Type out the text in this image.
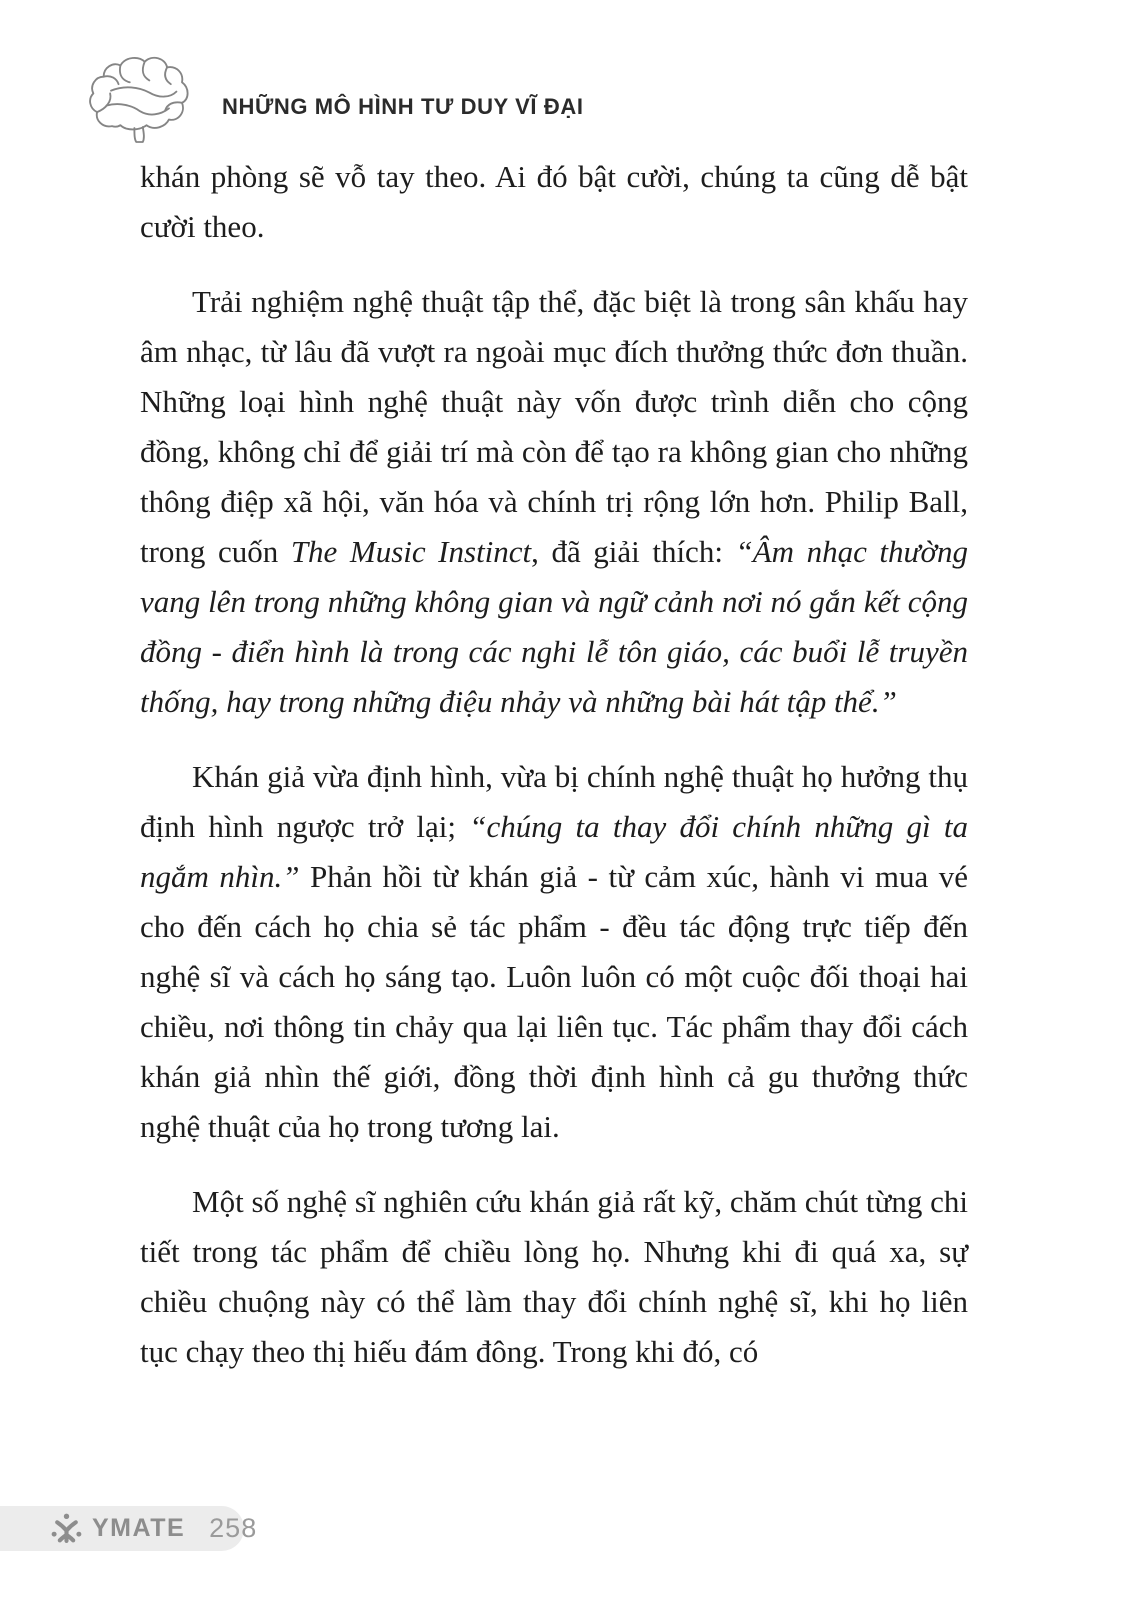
NHỮNG MÔ HÌNH TƯ DUY VĨ ĐẠI

khán phòng sẽ vỗ tay theo. Ai đó bật cười, chúng ta cũng dễ bật cười theo.

Trải nghiệm nghệ thuật tập thể, đặc biệt là trong sân khấu hay âm nhạc, từ lâu đã vượt ra ngoài mục đích thưởng thức đơn thuần. Những loại hình nghệ thuật này vốn được trình diễn cho cộng đồng, không chỉ để giải trí mà còn để tạo ra không gian cho những thông điệp xã hội, văn hóa và chính trị rộng lớn hơn. Philip Ball, trong cuốn The Music Instinct, đã giải thích: “Âm nhạc thường vang lên trong những không gian và ngữ cảnh nơi nó gắn kết cộng đồng - điển hình là trong các nghi lễ tôn giáo, các buổi lễ truyền thống, hay trong những điệu nhảy và những bài hát tập thể.”

Khán giả vừa định hình, vừa bị chính nghệ thuật họ hưởng thụ định hình ngược trở lại; “chúng ta thay đổi chính những gì ta ngắm nhìn.” Phản hồi từ khán giả - từ cảm xúc, hành vi mua vé cho đến cách họ chia sẻ tác phẩm - đều tác động trực tiếp đến nghệ sĩ và cách họ sáng tạo. Luôn luôn có một cuộc đối thoại hai chiều, nơi thông tin chảy qua lại liên tục. Tác phẩm thay đổi cách khán giả nhìn thế giới, đồng thời định hình cả gu thưởng thức nghệ thuật của họ trong tương lai.

Một số nghệ sĩ nghiên cứu khán giả rất kỹ, chăm chút từng chi tiết trong tác phẩm để chiều lòng họ. Nhưng khi đi quá xa, sự chiều chuộng này có thể làm thay đổi chính nghệ sĩ, khi họ liên tục chạy theo thị hiếu đám đông. Trong khi đó, có

YMATE 258
